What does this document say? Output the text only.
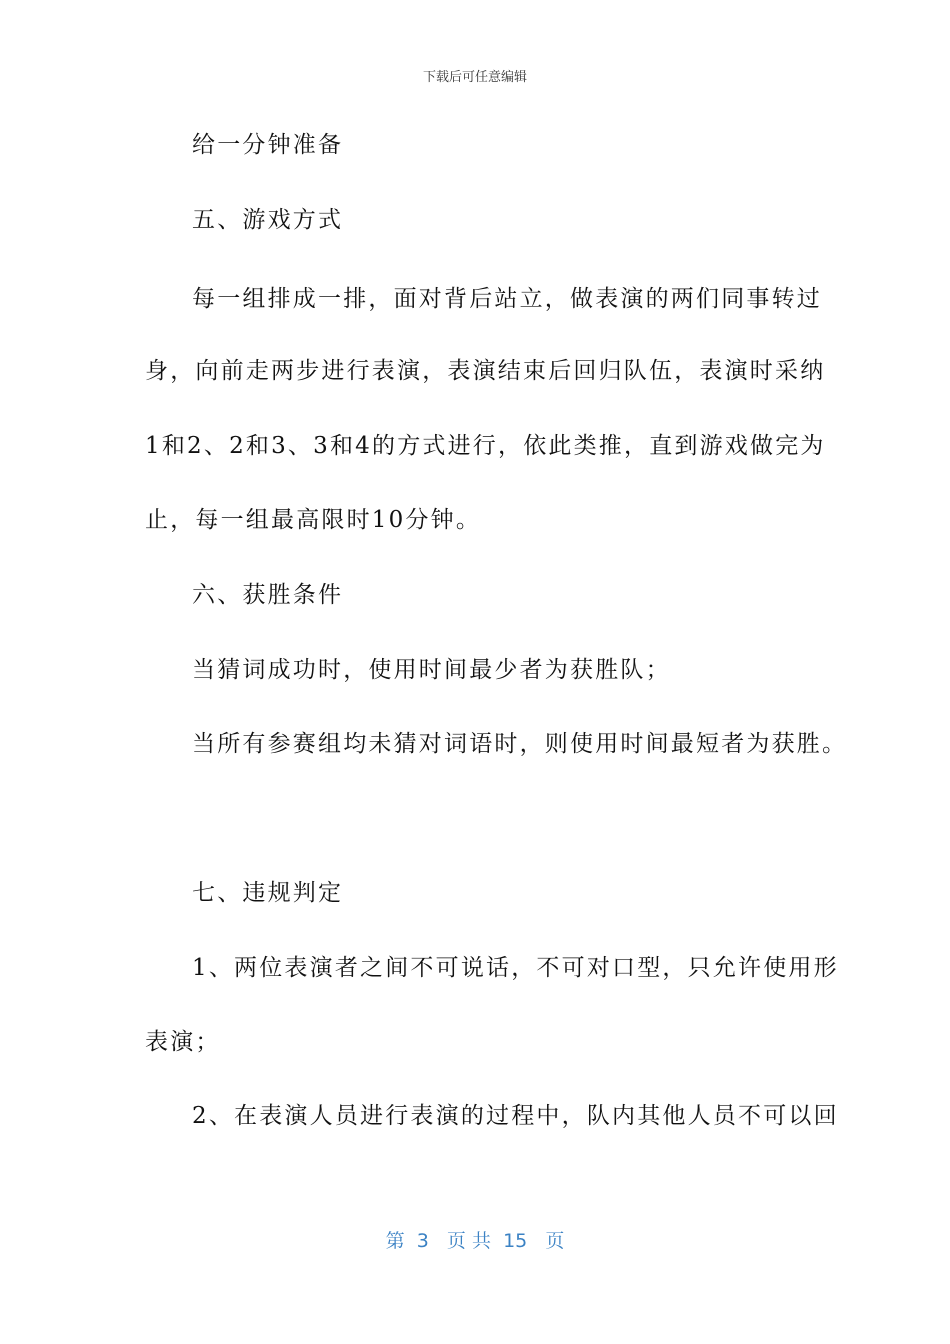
下载后可任意编辑
给一分钟准备
五、游戏方式
每一组排成一排，面对背后站立，做表演的两们同事转过
身，向前走两步进行表演，表演结束后回归队伍，表演时采纳
1和2、2和3、3和4的方式进行，依此类推，直到游戏做完为
止，每一组最高限时10分钟。
六、获胜条件
当猜词成功时，使用时间最少者为获胜队；
当所有参赛组均未猜对词语时，则使用时间最短者为获胜。
七、违规判定
1、两位表演者之间不可说话，不可对口型，只允许使用形
表演；
2、在表演人员进行表演的过程中，队内其他人员不可以回
第 3 页 共 15 页
